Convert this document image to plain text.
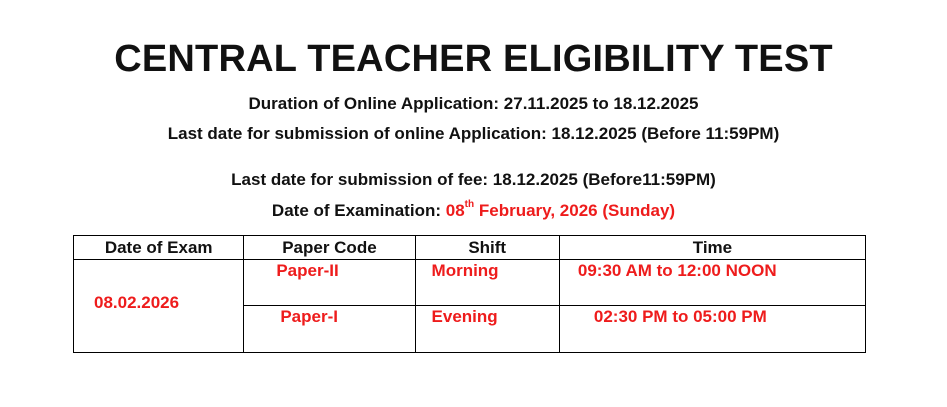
CENTRAL TEACHER ELIGIBILITY TEST
Duration of Online Application: 27.11.2025 to 18.12.2025
Last date for submission of online Application: 18.12.2025 (Before 11:59PM)
Last date for submission of fee: 18.12.2025 (Before11:59PM)
Date of Examination: 08th February, 2026 (Sunday)
Date of Exam	Paper Code	Shift	Time
08.02.2026	Paper-II	Morning	09:30 AM to 12:00 NOON

	Paper-I	Evening	02:30 PM to 05:00 PM
